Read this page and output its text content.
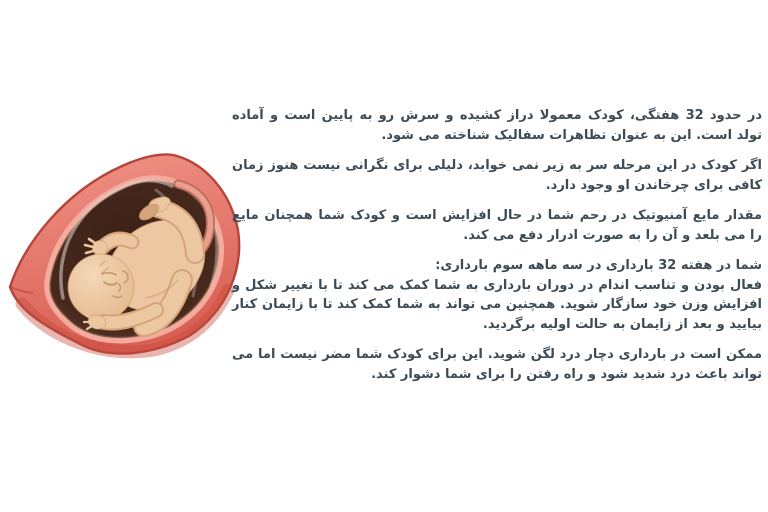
در حدود 32 هفتگی، کودک معمولا دراز کشیده و سرش رو به پایین است و آماده تولد است. این به عنوان تظاهرات سفالیک شناخته می شود.

اگر کودک در این مرحله سر به زیر نمی خوابد، دلیلی برای نگرانی نیست هنوز زمان کافی برای چرخاندن او وجود دارد.

مقدار مایع آمنیوتیک در رحم شما در حال افزایش است و کودک شما همچنان مایع را می بلعد و آن را به صورت ادرار دفع می کند.

شما در هفته 32 بارداری در سه ماهه سوم بارداری:
فعال بودن و تناسب اندام در دوران بارداری به شما کمک می کند تا با تغییر شکل و افزایش وزن خود سازگار شوید. همچنین می تواند به شما کمک کند تا با زایمان کنار بیایید و بعد از زایمان به حالت اولیه برگردید.

ممکن است در بارداری دچار درد لگن شوید. این برای کودک شما مضر نیست اما می تواند باعث درد شدید شود و راه رفتن را برای شما دشوار کند.
